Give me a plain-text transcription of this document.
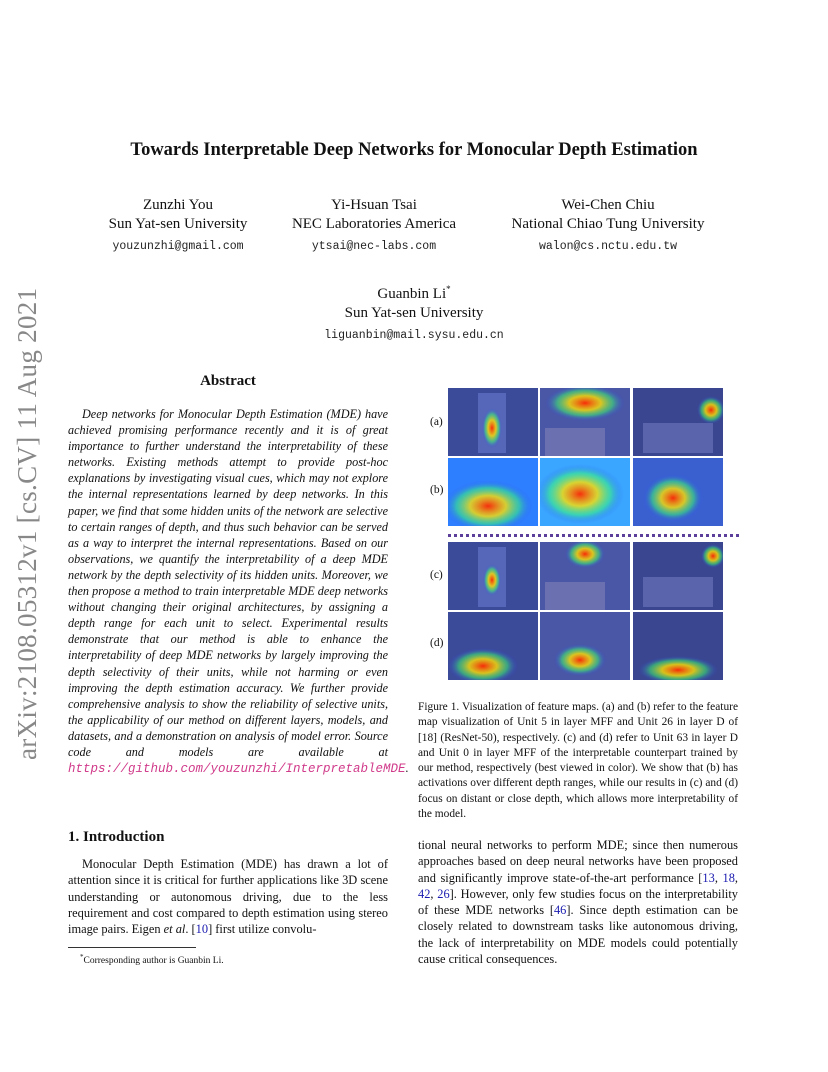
arXiv:2108.05312v1 [cs.CV] 11 Aug 2021
Towards Interpretable Deep Networks for Monocular Depth Estimation
Zunzhi You
Sun Yat-sen University
youzunzhi@gmail.com
Yi-Hsuan Tsai
NEC Laboratories America
ytsai@nec-labs.com
Wei-Chen Chiu
National Chiao Tung University
walon@cs.nctu.edu.tw
Guanbin Li*
Sun Yat-sen University
liguanbin@mail.sysu.edu.cn
Abstract
Deep networks for Monocular Depth Estimation (MDE) have achieved promising performance recently and it is of great importance to further understand the interpretability of these networks. Existing methods attempt to provide post-hoc explanations by investigating visual cues, which may not explore the internal representations learned by deep networks. In this paper, we find that some hidden units of the network are selective to certain ranges of depth, and thus such behavior can be served as a way to interpret the internal representations. Based on our observations, we quantify the interpretability of a deep MDE network by the depth selectivity of its hidden units. Moreover, we then propose a method to train interpretable MDE deep networks without changing their original architectures, by assigning a depth range for each unit to select. Experimental results demonstrate that our method is able to enhance the interpretability of deep MDE networks by largely improving the depth selectivity of their units, while not harming or even improving the depth estimation accuracy. We further provide comprehensive analysis to show the reliability of selective units, the applicability of our method on different layers, models, and datasets, and a demonstration on analysis of model error. Source code and models are available at https://github.com/youzunzhi/InterpretableMDE.
(a)
(b)
(c)
(d)
Figure 1. Visualization of feature maps. (a) and (b) refer to the feature map visualization of Unit 5 in layer MFF and Unit 26 in layer D of [18] (ResNet-50), respectively. (c) and (d) refer to Unit 63 in layer D and Unit 0 in layer MFF of the interpretable counterpart trained by our method, respectively (best viewed in color). We show that (b) has activations over different depth ranges, while our results in (c) and (d) focus on distant or close depth, which allows more interpretability of the model.
1. Introduction
Monocular Depth Estimation (MDE) has drawn a lot of attention since it is critical for further applications like 3D scene understanding or autonomous driving, due to the less requirement and cost compared to depth estimation using stereo image pairs. Eigen et al. [10] first utilize convolu-
tional neural networks to perform MDE; since then numerous approaches based on deep neural networks have been proposed and significantly improve state-of-the-art performance [13, 18, 42, 26]. However, only few studies focus on the interpretability of these MDE networks [46]. Since depth estimation can be closely related to downstream tasks like autonomous driving, the lack of interpretability on MDE models could potentially cause critical consequences.
*Corresponding author is Guanbin Li.
